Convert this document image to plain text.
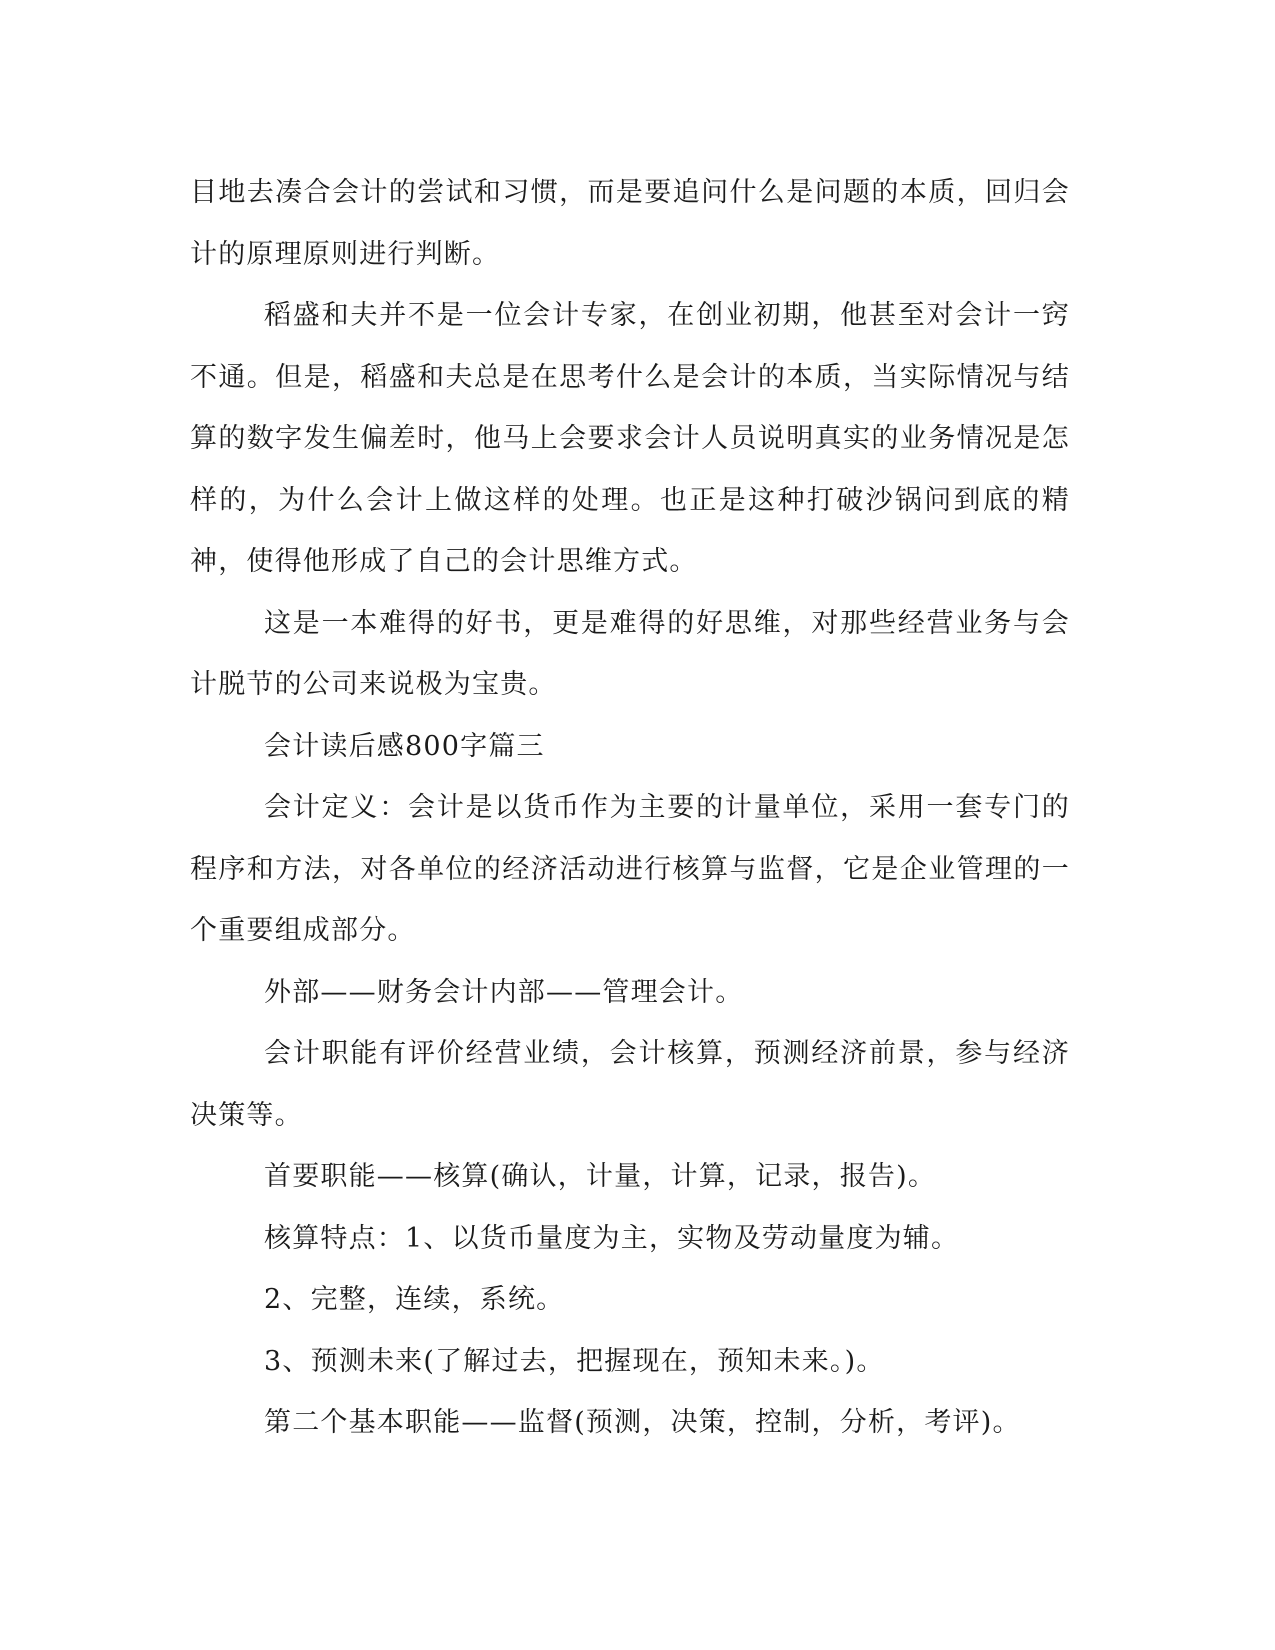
目地去凑合会计的尝试和习惯，而是要追问什么是问题的本质，回归会计的原理原则进行判断。

稻盛和夫并不是一位会计专家，在创业初期，他甚至对会计一窍不通。但是，稻盛和夫总是在思考什么是会计的本质，当实际情况与结算的数字发生偏差时，他马上会要求会计人员说明真实的业务情况是怎样的，为什么会计上做这样的处理。也正是这种打破沙锅问到底的精神，使得他形成了自己的会计思维方式。

这是一本难得的好书，更是难得的好思维，对那些经营业务与会计脱节的公司来说极为宝贵。

会计读后感800字篇三

会计定义：会计是以货币作为主要的计量单位，采用一套专门的程序和方法，对各单位的经济活动进行核算与监督，它是企业管理的一个重要组成部分。

外部——财务会计内部——管理会计。

会计职能有评价经营业绩，会计核算，预测经济前景，参与经济决策等。

首要职能——核算(确认，计量，计算，记录，报告)。

核算特点：1、以货币量度为主，实物及劳动量度为辅。

2、完整，连续，系统。

3、预测未来(了解过去，把握现在，预知未来。)。

第二个基本职能——监督(预测，决策，控制，分析，考评)。
